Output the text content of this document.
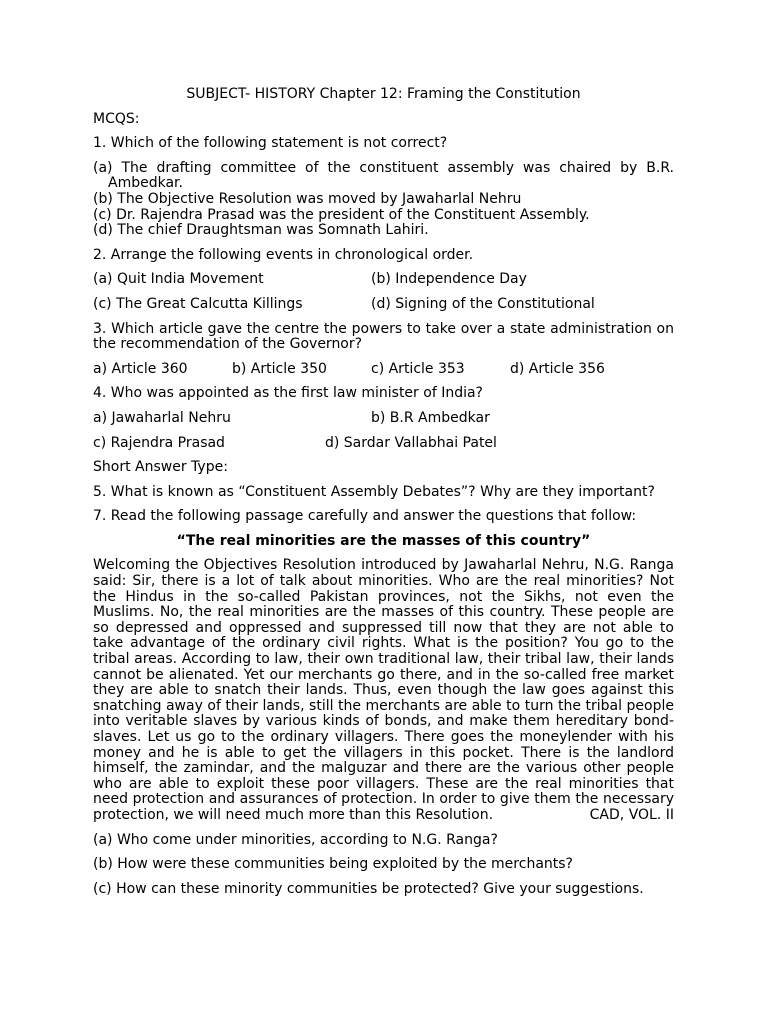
SUBJECT- HISTORY Chapter 12: Framing the Constitution

MCQS:

1. Which of the following statement is not correct?

(a) The drafting committee of the constituent assembly was chaired by B.R. Ambedkar.

(b) The Objective Resolution was moved by Jawaharlal Nehru

(c) Dr. Rajendra Prasad was the president of the Constituent Assembly.

(d) The chief Draughtsman was Somnath Lahiri.

2. Arrange the following events in chronological order.

(a) Quit India Movement	(b) Independence Day
(c) The Great Calcutta Killings	(d) Signing of the Constitutional

3. Which article gave the centre the powers to take over a state administration on the recommendation of the Governor?

a) Article 360	b) Article 350	c) Article 353	d) Article 356

4. Who was appointed as the first law minister of India?

a) Jawaharlal Nehru	b) B.R Ambedkar
c) Rajendra Prasad	d) Sardar Vallabhai Patel

Short Answer Type:

5. What is known as “Constituent Assembly Debates”? Why are they important?

7. Read the following passage carefully and answer the questions that follow:

“The real minorities are the masses of this country”

Welcoming the Objectives Resolution introduced by Jawaharlal Nehru, N.G. Ranga said: Sir, there is a lot of talk about minorities. Who are the real minorities? Not the Hindus in the so-called Pakistan provinces, not the Sikhs, not even the Muslims. No, the real minorities are the masses of this country. These people are so depressed and oppressed and suppressed till now that they are not able to take advantage of the ordinary civil rights. What is the position? You go to the tribal areas. According to law, their own traditional law, their tribal law, their lands cannot be alienated. Yet our merchants go there, and in the so-called free market they are able to snatch their lands. Thus, even though the law goes against this snatching away of their lands, still the merchants are able to turn the tribal people into veritable slaves by various kinds of bonds, and make them hereditary bond-slaves. Let us go to the ordinary villagers. There goes the moneylender with his money and he is able to get the villagers in this pocket. There is the landlord himself, the zamindar, and the malguzar and there are the various other people who are able to exploit these poor villagers. These are the real minorities that need protection and assurances of protection. In order to give them the necessary protection, we will need much more than this Resolution.	CAD, VOL. II

(a) Who come under minorities, according to N.G. Ranga?

(b) How were these communities being exploited by the merchants?

(c) How can these minority communities be protected? Give your suggestions.
